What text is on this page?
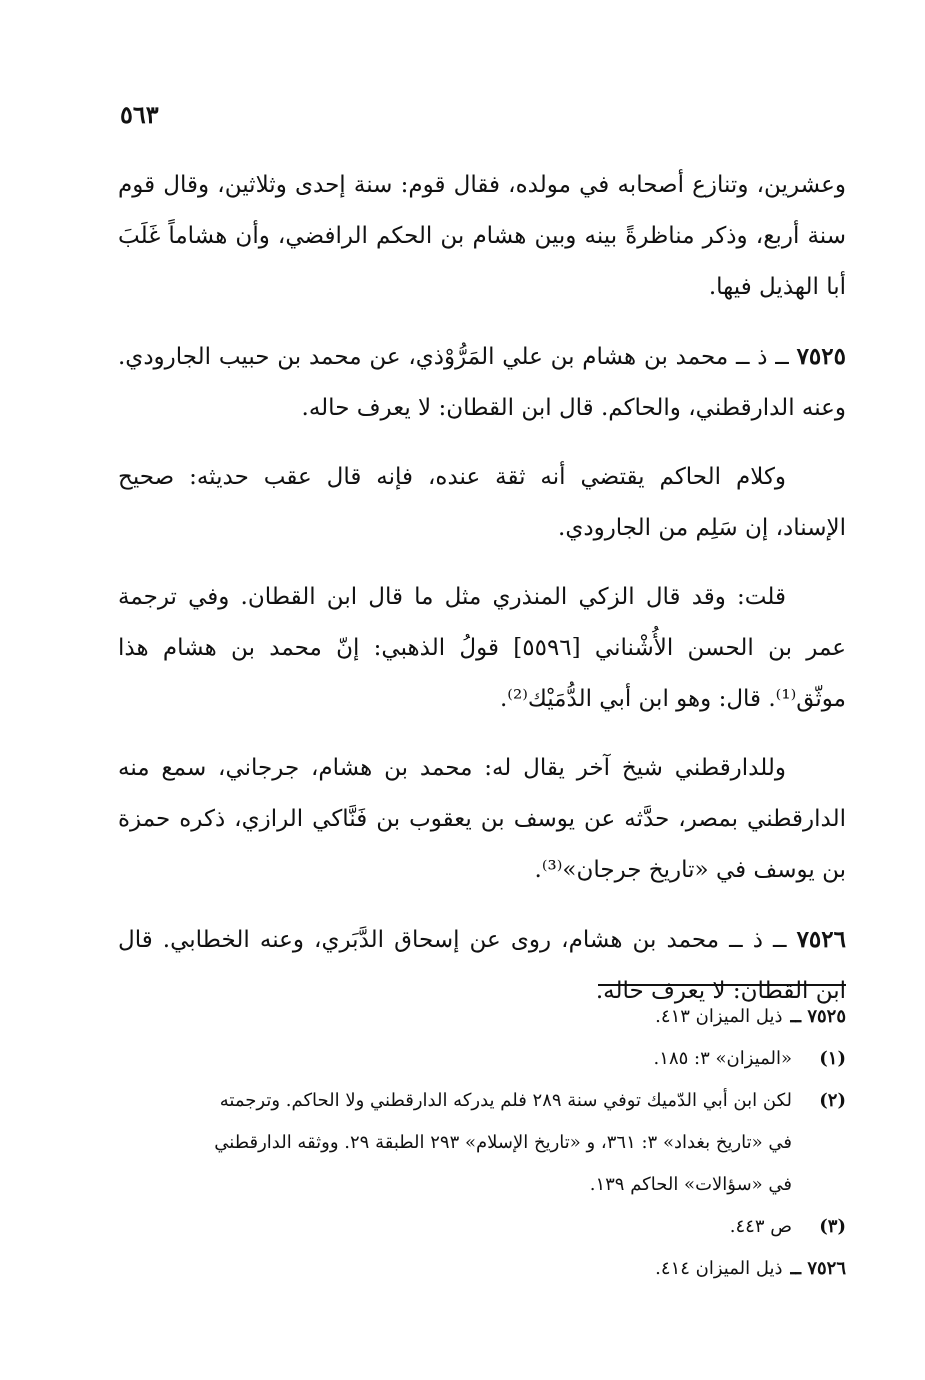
٥٦٣

وعشرين، وتنازع أصحابه في مولده، فقال قوم: سنة إحدى وثلاثين، وقال قوم سنة أربع، وذكر مناظرةً بينه وبين هشام بن الحكم الرافضي، وأن هشاماً غَلَبَ أبا الهذيل فيها.

٧٥٢٥ ــ ذ ــ محمد بن هشام بن علي المَرُّوْذي، عن محمد بن حبيب الجارودي. وعنه الدارقطني، والحاكم. قال ابن القطان: لا يعرف حاله.

وكلام الحاكم يقتضي أنه ثقة عنده، فإنه قال عقب حديثه: صحيح الإسناد، إن سَلِم من الجارودي.

قلت: وقد قال الزكي المنذري مثل ما قال ابن القطان. وفي ترجمة عمر بن الحسن الأُشْناني [٥٥٩٦] قولُ الذهبي: إنّ محمد بن هشام هذا موثّق⁽¹⁾. قال: وهو ابن أبي الدُّمَيْك⁽²⁾.

وللدارقطني شيخ آخر يقال له: محمد بن هشام، جرجاني، سمع منه الدارقطني بمصر، حدَّثه عن يوسف بن يعقوب بن فَنَّاكي الرازي، ذكره حمزة بن يوسف في «تاريخ جرجان»⁽³⁾.

٧٥٢٦ ــ ذ ــ محمد بن هشام، روى عن إسحاق الدَّبَري، وعنه الخطابي. قال ابن القطان: لا يعرف حاله.

٧٥٢٥ ــ
ذيل الميزان ٤١٣.
(١)
«الميزان» ٣: ١٨٥.
(٢)
لكن ابن أبي الدّميك توفي سنة ٢٨٩ فلم يدركه الدارقطني ولا الحاكم. وترجمته
في «تاريخ بغداد» ٣: ٣٦١، و «تاريخ الإسلام» ٢٩٣ الطبقة ٢٩. ووثقه الدارقطني
في «سؤالات» الحاكم ١٣٩.
(٣)
ص ٤٤٣.
٧٥٢٦ ــ
ذيل الميزان ٤١٤.
